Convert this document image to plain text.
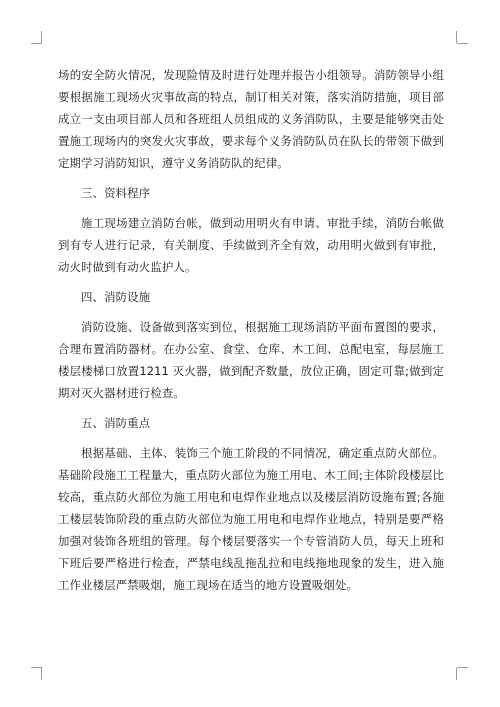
场的安全防火情况，发现险情及时进行处理并报告小组领导。消防领导小组要根据施工现场火灾事故高的特点，制订相关对策，落实消防措施，项目部成立一支由项目部人员和各班组人员组成的义务消防队，主要是能够突击处置施工现场内的突发火灾事故，要求每个义务消防队员在队长的带领下做到定期学习消防知识，遵守义务消防队的纪律。

三、资料程序

施工现场建立消防台帐，做到动用明火有申请、审批手续，消防台帐做到有专人进行记录，有关制度、手续做到齐全有效，动用明火做到有审批，动火时做到有动火监护人。

四、消防设施

消防设施、设备做到落实到位，根据施工现场消防平面布置图的要求，合理布置消防器材。在办公室、食堂、仓库、木工间、总配电室，每层施工楼层楼梯口放置1211 灭火器，做到配齐数量，放位正确，固定可靠;做到定期对灭火器材进行检查。

五、消防重点

根据基础、主体、装饰三个施工阶段的不同情况，确定重点防火部位。基础阶段施工工程量大，重点防火部位为施工用电、木工间;主体阶段楼层比较高，重点防火部位为施工用电和电焊作业地点以及楼层消防设施布置;各施工楼层装饰阶段的重点防火部位为施工用电和电焊作业地点，特别是要严格加强对装饰各班组的管理。每个楼层要落实一个专管消防人员，每天上班和下班后要严格进行检查，严禁电线乱拖乱拉和电线拖地现象的发生，进入施工作业楼层严禁吸烟，施工现场在适当的地方设置吸烟处。
